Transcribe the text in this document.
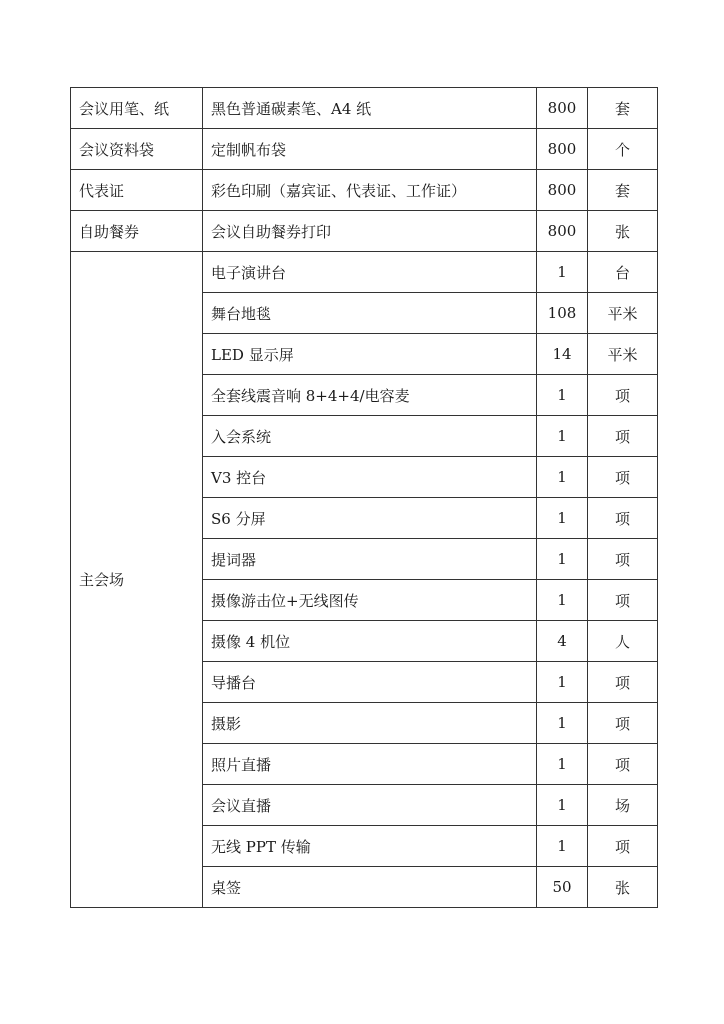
会议用笔、纸	黑色普通碳素笔、A4 纸	800	套
会议资料袋	定制帆布袋	800	个
代表证	彩色印刷（嘉宾证、代表证、工作证）	800	套
自助餐券	会议自助餐券打印	800	张
主会场	电子演讲台	1	台
	舞台地毯	108	平米
	LED 显示屏	14	平米
	全套线震音响 8+4+4/电容麦	1	项
	入会系统	1	项
	V3 控台	1	项
	S6 分屏	1	项
	提词器	1	项
	摄像游击位+无线图传	1	项
	摄像 4 机位	4	人
	导播台	1	项
	摄影	1	项
	照片直播	1	项
	会议直播	1	场
	无线 PPT 传输	1	项
	桌签	50	张
